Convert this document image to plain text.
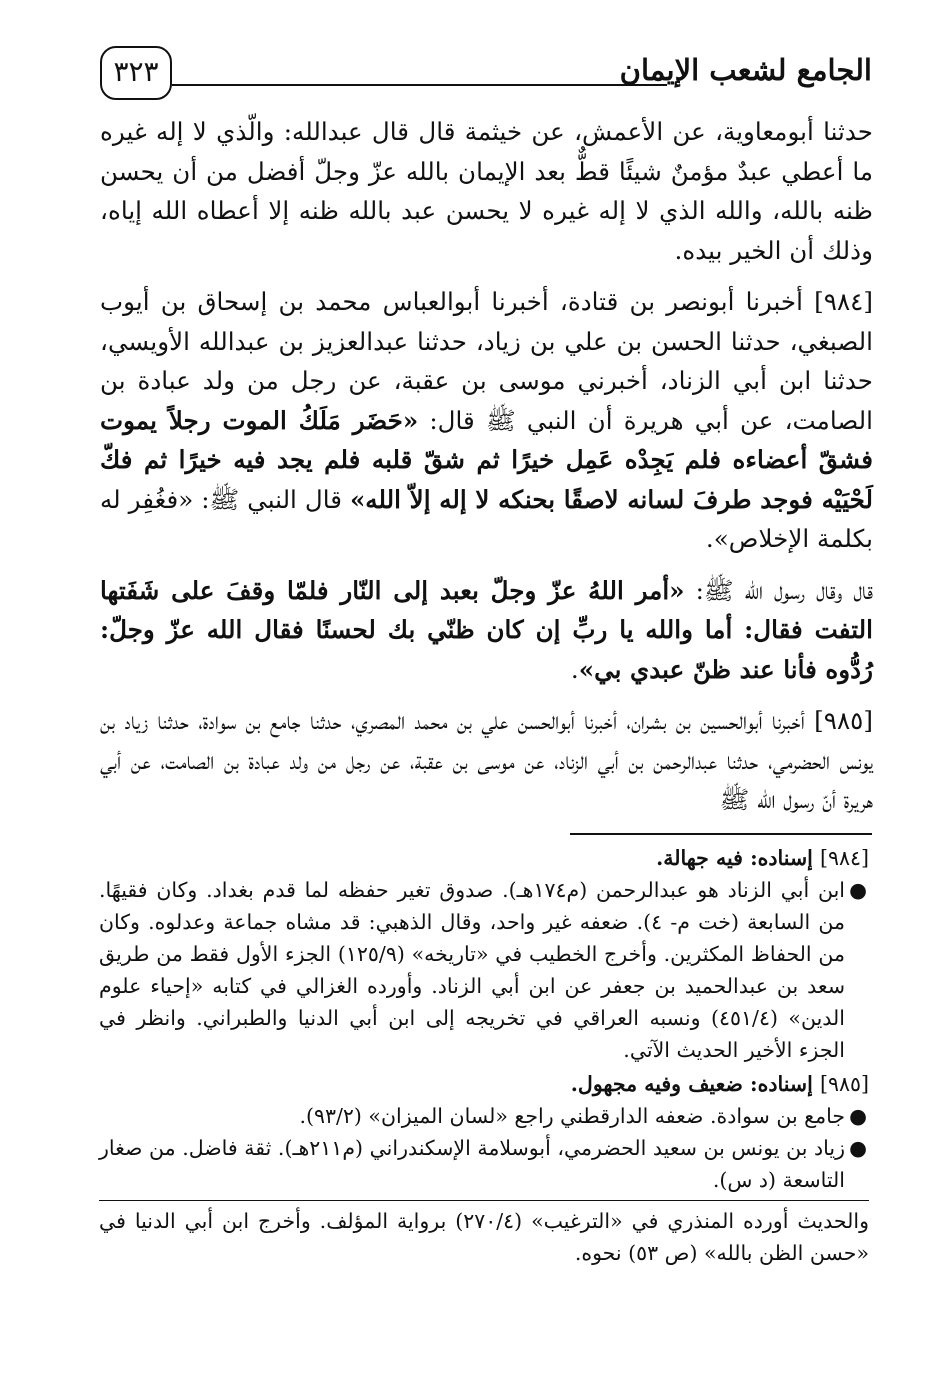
الجامع لشعب الإيمان
٣٢٣

حدثنا أبومعاوية، عن الأعمش، عن خيثمة قال قال عبدالله: والّذي لا إله غيره ما أعطي عبدٌ مؤمنٌ شيئًا قطٌّ بعد الإيمان بالله عزّ وجلّ أفضل من أن يحسن ظنه بالله، والله الذي لا إله غيره لا يحسن عبد بالله ظنه إلا أعطاه الله إياه، وذلك أن الخير بيده.

[٩٨٤] أخبرنا أبونصر بن قتادة، أخبرنا أبوالعباس محمد بن إسحاق بن أيوب الصبغي، حدثنا الحسن بن علي بن زياد، حدثنا عبدالعزيز بن عبدالله الأويسي، حدثنا ابن أبي الزناد، أخبرني موسى بن عقبة، عن رجل من ولد عبادة بن الصامت، عن أبي هريرة أن النبي ﷺ قال: «حَضَر مَلَكُ الموت رجلاً يموت فشقّ أعضاءه فلم يَجِدْه عَمِل خيرًا ثم شقّ قلبه فلم يجد فيه خيرًا ثم فكّ لَحْيَيْه فوجد طرفَ لسانه لاصقًا بحنكه لا إله إلاّ الله» قال النبي ﷺ: «فغُفِر له بكلمة الإخلاص».

قال وقال رسول الله ﷺ: «أمر اللهُ عزّ وجلّ بعبد إلى النّار فلمّا وقفَ على شَفَتها التفت فقال: أما والله يا ربِّ إن كان ظنّي بك لحسنًا فقال الله عزّ وجلّ: رُدُّوه فأنا عند ظنّ عبدي بي».

[٩٨٥] أخبرنا أبوالحسين بن بشران، أخبرنا أبوالحسن علي بن محمد المصري، حدثنا جامع بن سوادة، حدثنا زياد بن يونس الحضرمي، حدثنا عبدالرحمن بن أبي الزناد، عن موسى بن عقبة، عن رجل من ولد عبادة بن الصامت، عن أبي هريرة أنّ رسول الله ﷺ

[٩٨٤] إسناده: فيه جهالة.

●
ابن أبي الزناد هو عبدالرحمن (م١٧٤هـ). صدوق تغير حفظه لما قدم بغداد. وكان فقيهًا. من السابعة (خت م- ٤). ضعفه غير واحد، وقال الذهبي: قد مشاه جماعة وعدلوه. وكان من الحفاظ المكثرين. وأخرج الخطيب في «تاريخه» (١٢٥/٩) الجزء الأول فقط من طريق سعد بن عبدالحميد بن جعفر عن ابن أبي الزناد. وأورده الغزالي في كتابه «إحياء علوم الدين» (٤٥١/٤) ونسبه العراقي في تخريجه إلى ابن أبي الدنيا والطبراني. وانظر في الجزء الأخير الحديث الآتي.

[٩٨٥] إسناده: ضعيف وفيه مجهول.

●
جامع بن سوادة. ضعفه الدارقطني راجع «لسان الميزان» (٩٣/٢).
●
زياد بن يونس بن سعيد الحضرمي، أبوسلامة الإسكندراني (م٢١١هـ). ثقة فاضل. من صغار التاسعة (د س).

والحديث أورده المنذري في «الترغيب» (٢٧٠/٤) برواية المؤلف. وأخرج ابن أبي الدنيا في «حسن الظن بالله» (ص ٥٣) نحوه.
